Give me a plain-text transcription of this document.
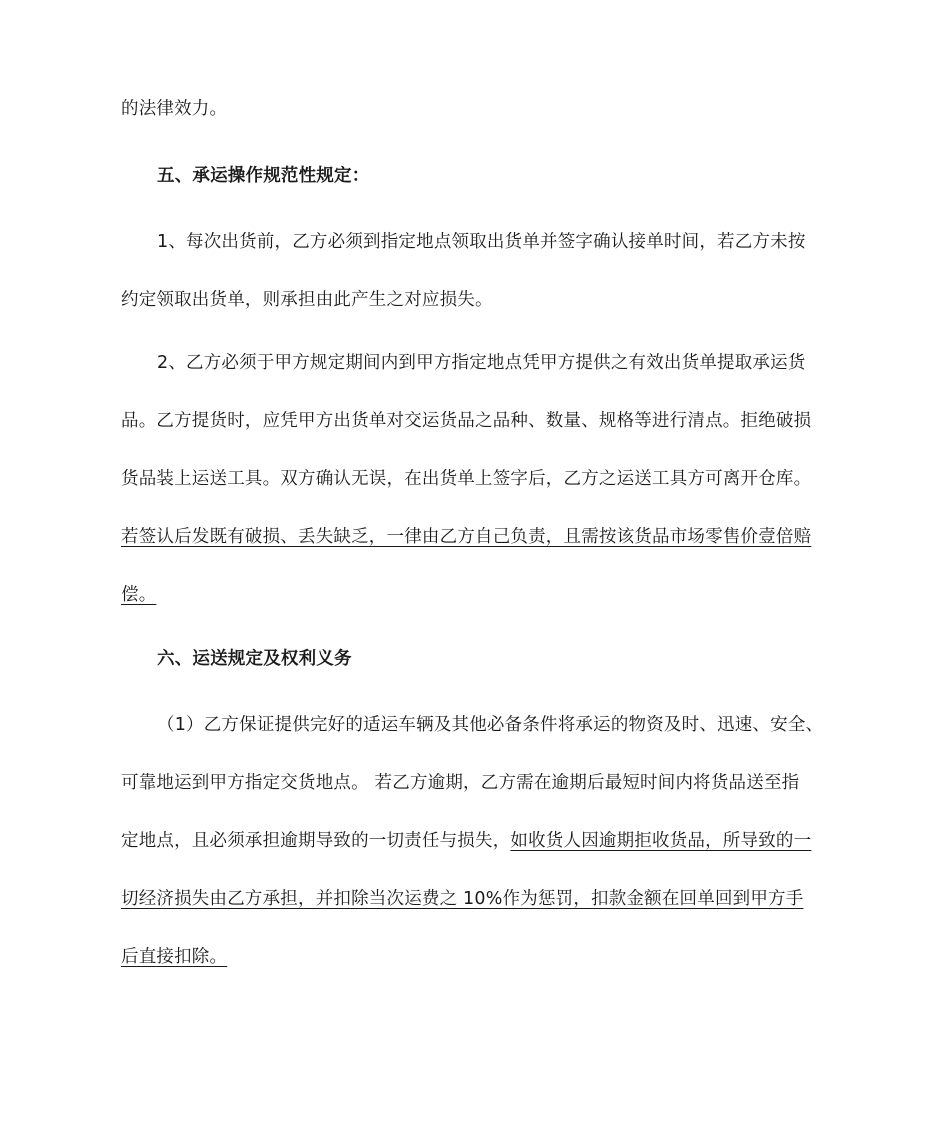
的法律效力。
五、承运操作规范性规定：
1、每次出货前，乙方必须到指定地点领取出货单并签字确认接单时间，若乙方未按
约定领取出货单，则承担由此产生之对应损失。
2、乙方必须于甲方规定期间内到甲方指定地点凭甲方提供之有效出货单提取承运货
品。乙方提货时，应凭甲方出货单对交运货品之品种、数量、规格等进行清点。拒绝破损
货品装上运送工具。双方确认无误，在出货单上签字后，乙方之运送工具方可离开仓库。
若签认后发既有破损、丢失缺乏，一律由乙方自己负责，且需按该货品市场零售价壹倍赔
偿。
六、运送规定及权利义务
（1）乙方保证提供完好的适运车辆及其他必备条件将承运的物资及时、迅速、安全、
可靠地运到甲方指定交货地点。 若乙方逾期，乙方需在逾期后最短时间内将货品送至指
定地点，且必须承担逾期导致的一切责任与损失，如收货人因逾期拒收货品，所导致的一
切经济损失由乙方承担，并扣除当次运费之 10%作为惩罚，扣款金额在回单回到甲方手
后直接扣除。
